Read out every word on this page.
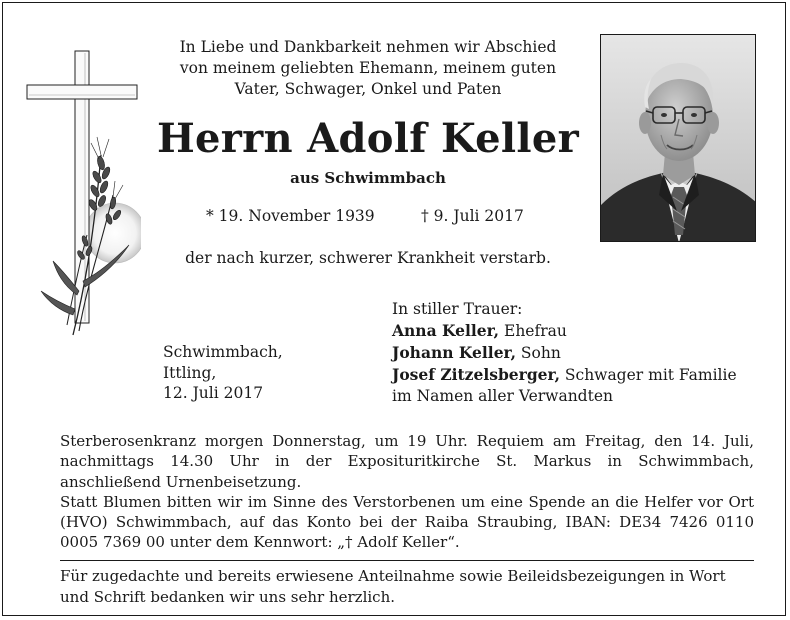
In Liebe und Dankbarkeit nehmen wir Abschied
von meinem geliebten Ehemann, meinem guten
Vater, Schwager, Onkel und Paten
Herrn Adolf Keller
aus Schwimmbach
* 19. November 1939	† 9. Juli 2017
der nach kurzer, schwerer Krankheit verstarb.
Schwimmbach,
Ittling,
12. Juli 2017
In stiller Trauer:
Anna Keller, Ehefrau
Johann Keller, Sohn
Josef Zitzelsberger, Schwager mit Familie
im Namen aller Verwandten

Sterberosenkranz morgen Donnerstag, um 19 Uhr. Requiem am Freitag, den 14. Juli, nachmittags 14.30 Uhr in der Exposituritkirche St. Markus in Schwimmbach, anschließend Urnenbeisetzung.

Statt Blumen bitten wir im Sinne des Verstorbenen um eine Spende an die Helfer vor Ort (HVO) Schwimmbach, auf das Konto bei der Raiba Straubing, IBAN: DE34 7426 0110 0005 7369 00 unter dem Kennwort: „† Adolf Keller“.

Für zugedachte und bereits erwiesene Anteilnahme sowie Beileidsbezeigungen in Wort und Schrift bedanken wir uns sehr herzlich.
